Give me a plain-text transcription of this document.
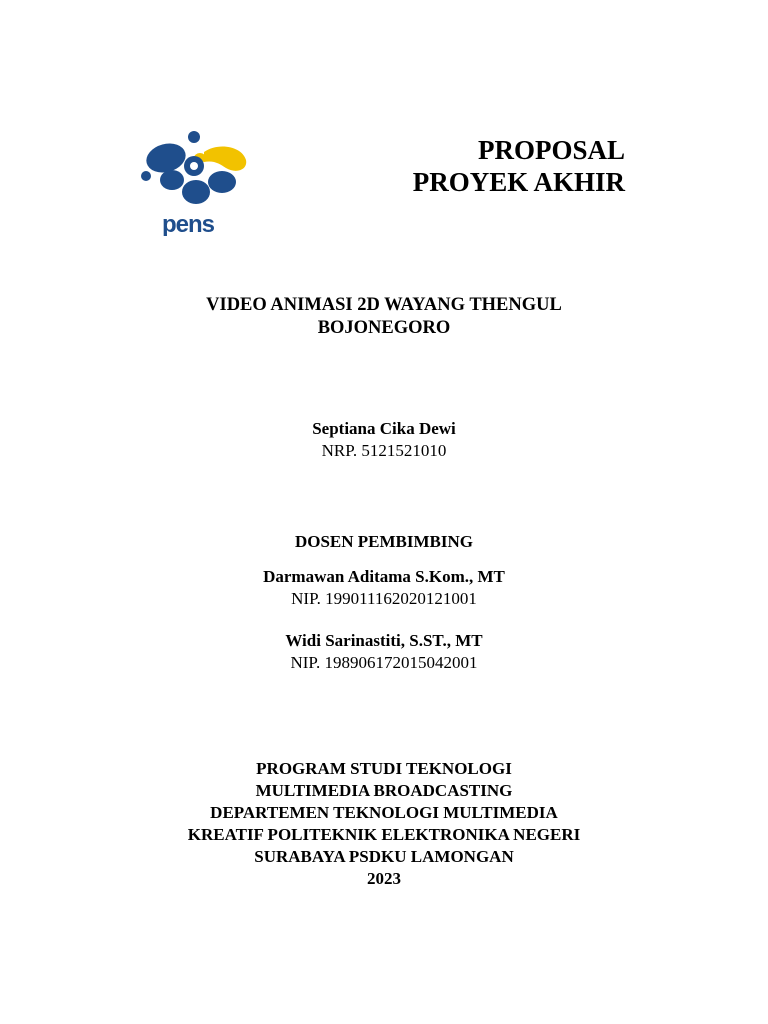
pens
PROPOSAL
PROYEK AKHIR
VIDEO ANIMASI 2D WAYANG THENGUL
BOJONEGORO
Septiana Cika Dewi
NRP. 5121521010
DOSEN PEMBIMBING
Darmawan Aditama S.Kom., MT
NIP. 199011162020121001
Widi Sarinastiti, S.ST., MT
NIP. 198906172015042001
PROGRAM STUDI TEKNOLOGI
MULTIMEDIA BROADCASTING
DEPARTEMEN TEKNOLOGI MULTIMEDIA
KREATIF POLITEKNIK ELEKTRONIKA NEGERI
SURABAYA PSDKU LAMONGAN
2023
